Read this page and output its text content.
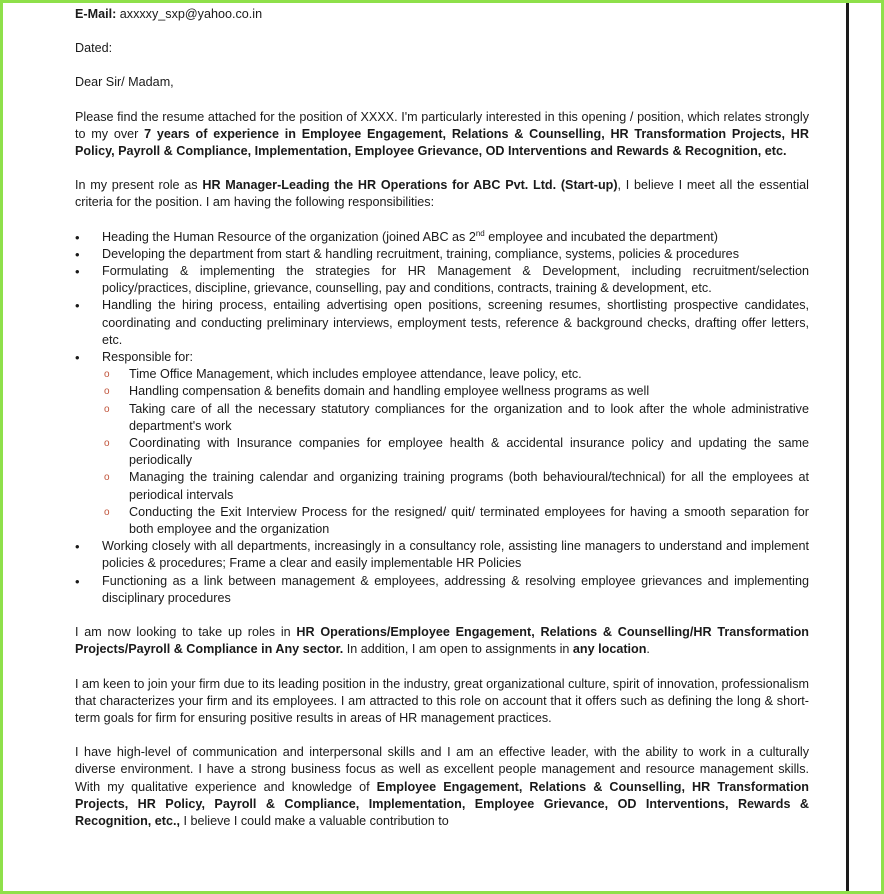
E-Mail: axxxxy_sxp@yahoo.co.in

Dated:

Dear Sir/ Madam,

Please find the resume attached for the position of XXXX. I'm particularly interested in this opening / position, which relates strongly to my over 7 years of experience in Employee Engagement, Relations & Counselling, HR Transformation Projects, HR Policy, Payroll & Compliance, Implementation, Employee Grievance, OD Interventions and Rewards & Recognition, etc.

In my present role as HR Manager-Leading the HR Operations for ABC Pvt. Ltd. (Start-up), I believe I meet all the essential criteria for the position. I am having the following responsibilities:

• Heading the Human Resource of the organization (joined ABC as 2nd employee and incubated the department)
• Developing the department from start & handling recruitment, training, compliance, systems, policies & procedures
• Formulating & implementing the strategies for HR Management & Development, including recruitment/selection policy/practices, discipline, grievance, counselling, pay and conditions, contracts, training & development, etc.
• Handling the hiring process, entailing advertising open positions, screening resumes, shortlisting prospective candidates, coordinating and conducting preliminary interviews, employment tests, reference & background checks, drafting offer letters, etc.
• Responsible for:
o Time Office Management, which includes employee attendance, leave policy, etc.
o Handling compensation & benefits domain and handling employee wellness programs as well
o Taking care of all the necessary statutory compliances for the organization and to look after the whole administrative department's work
o Coordinating with Insurance companies for employee health & accidental insurance policy and updating the same periodically
o Managing the training calendar and organizing training programs (both behavioural/technical) for all the employees at periodical intervals
o Conducting the Exit Interview Process for the resigned/ quit/ terminated employees for having a smooth separation for both employee and the organization
• Working closely with all departments, increasingly in a consultancy role, assisting line managers to understand and implement policies & procedures; Frame a clear and easily implementable HR Policies
• Functioning as a link between management & employees, addressing & resolving employee grievances and implementing disciplinary procedures

I am now looking to take up roles in HR Operations/Employee Engagement, Relations & Counselling/HR Transformation Projects/Payroll & Compliance in Any sector. In addition, I am open to assignments in any location.

I am keen to join your firm due to its leading position in the industry, great organizational culture, spirit of innovation, professionalism that characterizes your firm and its employees. I am attracted to this role on account that it offers such as defining the long & short-term goals for firm for ensuring positive results in areas of HR management practices.

I have high-level of communication and interpersonal skills and I am an effective leader, with the ability to work in a culturally diverse environment. I have a strong business focus as well as excellent people management and resource management skills. With my qualitative experience and knowledge of Employee Engagement, Relations & Counselling, HR Transformation Projects, HR Policy, Payroll & Compliance, Implementation, Employee Grievance, OD Interventions, Rewards & Recognition, etc., I believe I could make a valuable contribution to
